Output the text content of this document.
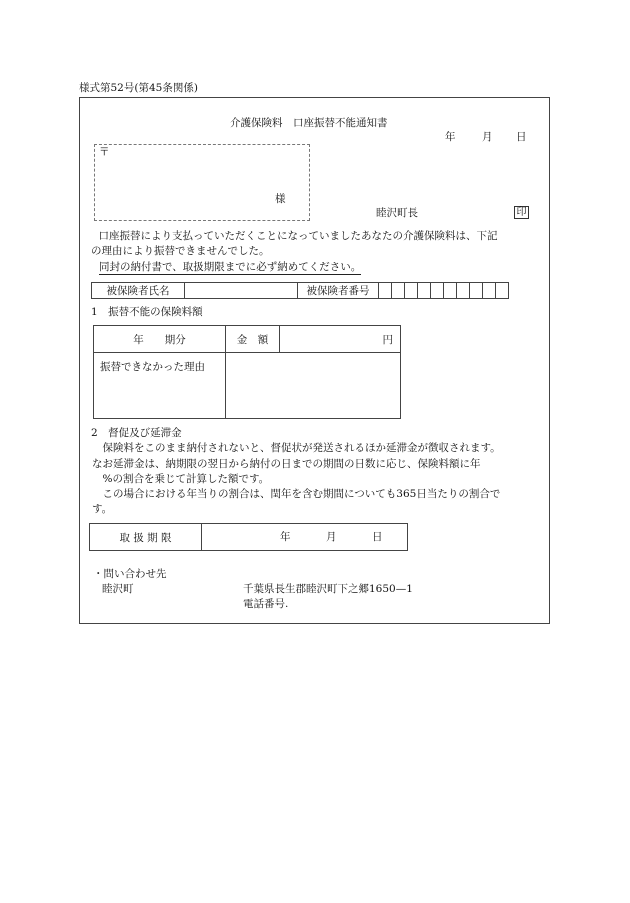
様式第52号(第45条関係)
介護保険料　口座振替不能通知書
年	月 日
〒
様
睦沢町長	印
　口座振替により支払っていただくことになっていましたあなたの介護保険料は、下記
の理由により振替できませんでした。
同封の納付書で、取扱期限までに必ず納めてください。
被保険者氏名		被保険者番号										
1　振替不能の保険料額
年　　期分	金　額	円
振替できなかった理由		
2　督促及び延滞金
　保険料をこのまま納付されないと、督促状が発送されるほか延滞金が徴収されます。
なお延滞金は、納期限の翌日から納付の日までの期間の日数に応じ、保険料額に年
　%の割合を乗じて計算した額です。
　この場合における年当りの割合は、閏年を含む期間についても365日当たりの割合で
す。
取 扱 期 限	年	月	日
・問い合わせ先
睦沢町	千葉県長生郡睦沢町下之郷1650—1
電話番号.
